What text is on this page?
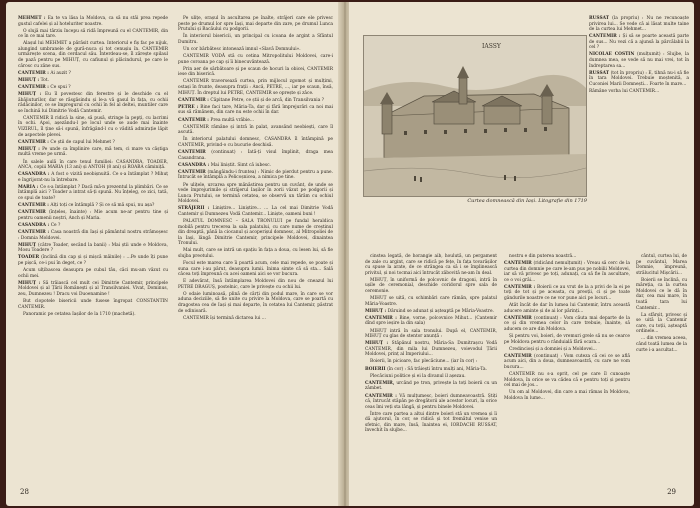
MEHMET : Ea te va lăsa la Moldova, ca să nu stăi prea repede gustul cafelei și al hoteluriter noastre.

O slujă mai târziu începu să ridă împreună cu el CANTEMIR, din ce în ce mai tare.

Alașul lui MEHMET a părăsit curtea. Interiorul e fiș fac pe nijuk, alungind umbranele de gură-nuca și tot cenușiu în. CANTEMIR urmărește scena, din cerdacul său. Înterdeau-se, îl zărește spilaul de pază pentru pe MIHUȚ, cu cafiunul și plăcindurul, pe care le cărosc cu zăne sus.

CANTEMIR : Ai auzit ?

MIHUȚ : Tot.

CANTEMIR : Ce spui ?

MIHUȚ : Eu îl povestesc din ferestre și le deschide cu el ăbăjiuturilor, dar se răsgăsindu și le-a vă gasul în fața, cu ochii rădăcinilor, ce se împregurul cu ochii în fel al deltei, muntiler care se închină lui Dimitrie Vodă Cantemir.

CANTEMIR îl ridică la sine, să pusă, stringe la pepți, cu lacrimi în ochi. Apoi, așezându-l pe locul unde se aude mai înainte VIZIRUL, îl ține să-i spună, înfrăgând-l cu o vădită admirație lăpit de aspectele plevei.

CANTEMIR : Ce știi de capul lui Mehmet ?

MIHUȚ : Pe unde ca împlinire care, mă tem, ci mare va câștiga multă vreme pe urmă.

În salele aulă în care tenul fumiliei: CASANDRA, TOADER, ANCA, copiii MARIA (13 ani) și ANTOH (8 ani) și ROABA căminiță.

CASANDRA : A fost o vizită neobișnuită. Ce s-a întâmplat ? Mihuț e îngrijorat-nu la întrebare.

MARIA : Ce s-a întâmplat ? Dacă mă-n prezentul la plimbări. Ce se întâmplă aici ? Toader a intrat să-ți spună. Nu înțeleg, ce zici, tată, ce spui de toate?

CANTEMIR : Alți toți ce întâmplă ? Și ce să mă spui, nu așa?

CANTEMIR (înțeles, înainte) : Mie acum ne-ar pentru tine și pentru oamenii noștri, Anch și Maria.

CASANDRA : Ce ?

CANTEMIR : Casa noastră din Iași și pământul nostru strămoșesc : Domnia Moldovei.

MIHUȚ (către Toader, secând la banii) : Mai știi unde e Moldova, Mosu Toadere ?

TOADER (înclină din cap și și mișcă mâinile) : ...Pe unde îți pune pe pișcă, ce-i pui în deget, ce ?

Acum ulțibascea deasupra pe cubul tău, câci mu-am văzut cu ochii mei.

MIHUȚ : Să trăiască cel mult cei Dimitrie Cantemir, principele Moldovei și al Țării Românești și al Transilvaniei. Vivat, Dominus, zeu, Dumnezeu ! Dracu voi Duoenamine !

But clopotele bisericii unde fusese îngropat CONSTANTIN CANTEMIR.

Panoramic pe cetatea Iașilor de la 1710 (machetă).

Pe ulițe, orașul în ascultarea pe înalte, străjeri care ele privesc peste pe drumul lor spre Iași, mai departe din zare, pe drumul Lunca Prutului și Bacăului cu podgorii.

În interiorul bisericii, un principal cu icoana de argint a Sfântul Dumitru.

Un cor bărbătesc intonează imnul «Slavă Domnului».

CANTEMIR VODĂ stă cu cetina Mitropolitului Moldovei, care-i pune coroana pe cap și îi binecuvântează.

Prin aer de sărbătoare și pe scaun de hocuri la obicei, CANTEMIR iese din biserică.

CANTEMIR traversează curtea, prin mijlocul zgomot și mulțimi, ostași în frunte, deasupra frații : Ancă, PETRE, ..., iar pe scaun, însă, MIHUȚ. În dreptul lui PETRE, CANTEMIR se oprește și zâce.

CANTEMIR : Căpitane Petre, ce știi și de arcă, din Transilvania ?

PETRE : Bine faci tare, Măria-Ta, dar și fără împrejurări ca noi mai sus să rămânem, din care nu este ochii în dar.

CANTEMIR : Prea multă vrăbie...

CANTEMIR rămâne și intră în palat, avansând neobiești, care îl ascută.

În interiorul palatului domnesc, CASANDRA îl întâmpină pe CANTEMIR, privind-o cu bucurie deschisă.

CANTEMIR (continuat) : Iată-ți visul împlinit, draga mea Casandrana.

CASANDRA : Mai liniștit. Simt că iubesc.

CANTEMIR (mângâindu-i fruntea) : Nimic de pierdut pentru a pune. Întrucât se întâmplă a Pelicoșnicea, a nimica pe tine.

Pe ulițele, urcarea spre mănăstirea pentru un cuvânt, de unde se vede împrejurimile și străjerul Iașilor în zorii văzut pe podgorii și Lunca Prutului, se termină cetatea, se observă un tărâm cu ochiul Moldovei.

STRĂJERII : Liniștire... Liniștire... ... La cel mai Dimitrie Vodă Cantemir și Dumnezeu Vodă Cantemir... Liniște, oameni buni !

PALATUL DOMNESC – SALA TRONULUI pe fundal heraldica mobilă pentru trecerea la sala palatului, cu care nume de creștinul din dreaptă, până la ciocanul și acoperișul domnesc, al Mitropoliei de la Iași, lângă Dimitrie Cantemir, principele Moldovei, dinaintea Tronului.

Mai mult, care se intră un spațiu în fața a doua, cu lesen lui, să fie slujba preotului.

Focul este marea care îi poartă acum, cele mai repede, se poate și suna care i-au părut, deasupra lumii. Inima simte că să sta... Sală câcea toți împreună cu acei oameni aici se vor bucura.

E adevărat, însă întâmplarea Moldovei din nou de cneazul lui PETRE DRAGUȘ, postelnic, care le privește cu ochii lui.

O odaie luminoasă, plină de cărți din podul mare, în care se vor aduna deciziile, să fie unite cu privire la Moldova, care se poartă cu dragostea cea de Iași și mai departe, în cetatea lui Cantemir, păstrat de odinioară.

CANTEMIR își termină dictarea lui ...

28
IASSY
Curtea domnească din Iași. Litografie din 1719

RUSSAT (la propriu) : Nu ne recunoaște privirea lui... Se vede că ai lăsat multe taine de la curtea lui Mehmet...

CANTEMIR : Și să se poarte această parte de sus... Nu vezi că a ajunsă la pârcălabii la cel ?

NICOLAE COSTIN (mulțumit) : Slujbe, la dumnea mea, se vede să nu mai vrei, tot în îndreptarea sa...

RUSSAT (tot în propriu) : E, tihnă nu-i să fie în tara Moldovei. Trebuie moștenită, a Cuconiei Marii Domnești... Foarte în mare...

Rămâne vorba lui CANTEMIR...

cinstea legată, de horangie aib, houlută, un pergament de zale cu argint, care se ridică pe fețe, în fața tovarășilor cu spuse la arate, de ce strângea ca să i se împlinească privitul, și noi tocmai aici întrucât zăbovită ne-am în deal.

MIHUȚ, în uniformă de polcovnic de dragoni, intră în ușile de ceremonial, deschide coridorul spre sala de ceremonie.

MIHUȚ se uită, cu schimbări care rămăn, spre palatul Măria-Voastre.

MIHUȚ : Dăruind se adunat și așteaptă pe Măria-Voastre.

CANTEMIR : Bine, vorne, polcovnice Mihut... (Cantemir dînd spre ieșire la din sala)

MIHUȚ intră în sala tronului. După el, CANTEMIR, MIHUȚ cu glas de stentor anunță :

MIHUȚ : Stăpânul nostru, Măria-Sa Dumitrașcu Vodă CANTEMIR, din mila lui Dumnezeu, voievodul Țării Moldovei, prinț al Imperiului...

Boierii, în picioare, fac plecăciune... (iar în cor) :

BOIERII (în cor) : Să trăiești întru mulți ani, Măria-Ta.

Plecăciuni politice și ei la divanul il așezau.

CANTEMIR, urcând pe tron, privește la toți boierii cu un zâmbet.

CANTEMIR : Vă mulțumesc, boieri dumneavoastră. Știți că, întrucât stăpân pe dregătorii ale acestor locuri, la orice ceas îmi veți sta lângă, și pentru binele Moldovei.

Între care partea a altui dintre boieri stă un vremea și îi dă ajutorul, în cor, se ridică și tot fremătul venise un sfetnic, din mare, însă, înaintea ei, IORDACHI RUSSAT, învechit în slujbe...

nostru e din puterea noastră...

CANTEMIR (ridicând nemulțumit) : Vreau să cerc de la curtea din domnie pe care le-am pus pe nobilii Moldovei, iar să vă privesc pe toți, adunați, ca să fie în ascultare, ce o voi grăi...

CANTEMIR : Boierii ce au vrut de la a privi de la ei pe toți de tot și pe aceasta, cu preoții, ci și pe toate gândurile noastre ce ne vor pune aici pe locuri...

Atât încât de dar în lumea lui Cantemir, întru această aducere aminte și de ai lor părinți...

CANTEMIR (continuat) : Vom căuta mai departe de la ce și din vremea celor în care trebuie, înainte, să aducem ce are din Moldova.

Și pentru voi, boieri, de vremuri grele să nu se cearce pe Moldova pentru o rânduială fără ocara...

Credincioși și a domniei și a Moldovei...

CANTEMIR (continuat) : Vom cuteza că cei ce se află acum aici, din a doua, dumneavoastră, cu care ne vom bucura...

CANTEMIR nu s-a oprit, cel pe care îl cunoaște Moldova, în orice se va cădea că e pentru toți și pentru cel mai de jos...

Un om al Moldovei, din care a mai rămas în Moldova, Moldova în lume...

cântul, curtea lui, de pe cuvântul, Marea Domnie, împreună, strălucitul Mișcării...

Boierii se înclină, cu măreția, ca la curtea Moldovei ce le dă în dar, cea mai mare, în toată tara lui Cantemir...

La sfârșit, privesc și se uită la Cantemir care, cu toții, așteaptă ordinele...

... din vremea aceea, când toată lumea de la curte i-a ascultat...

29
